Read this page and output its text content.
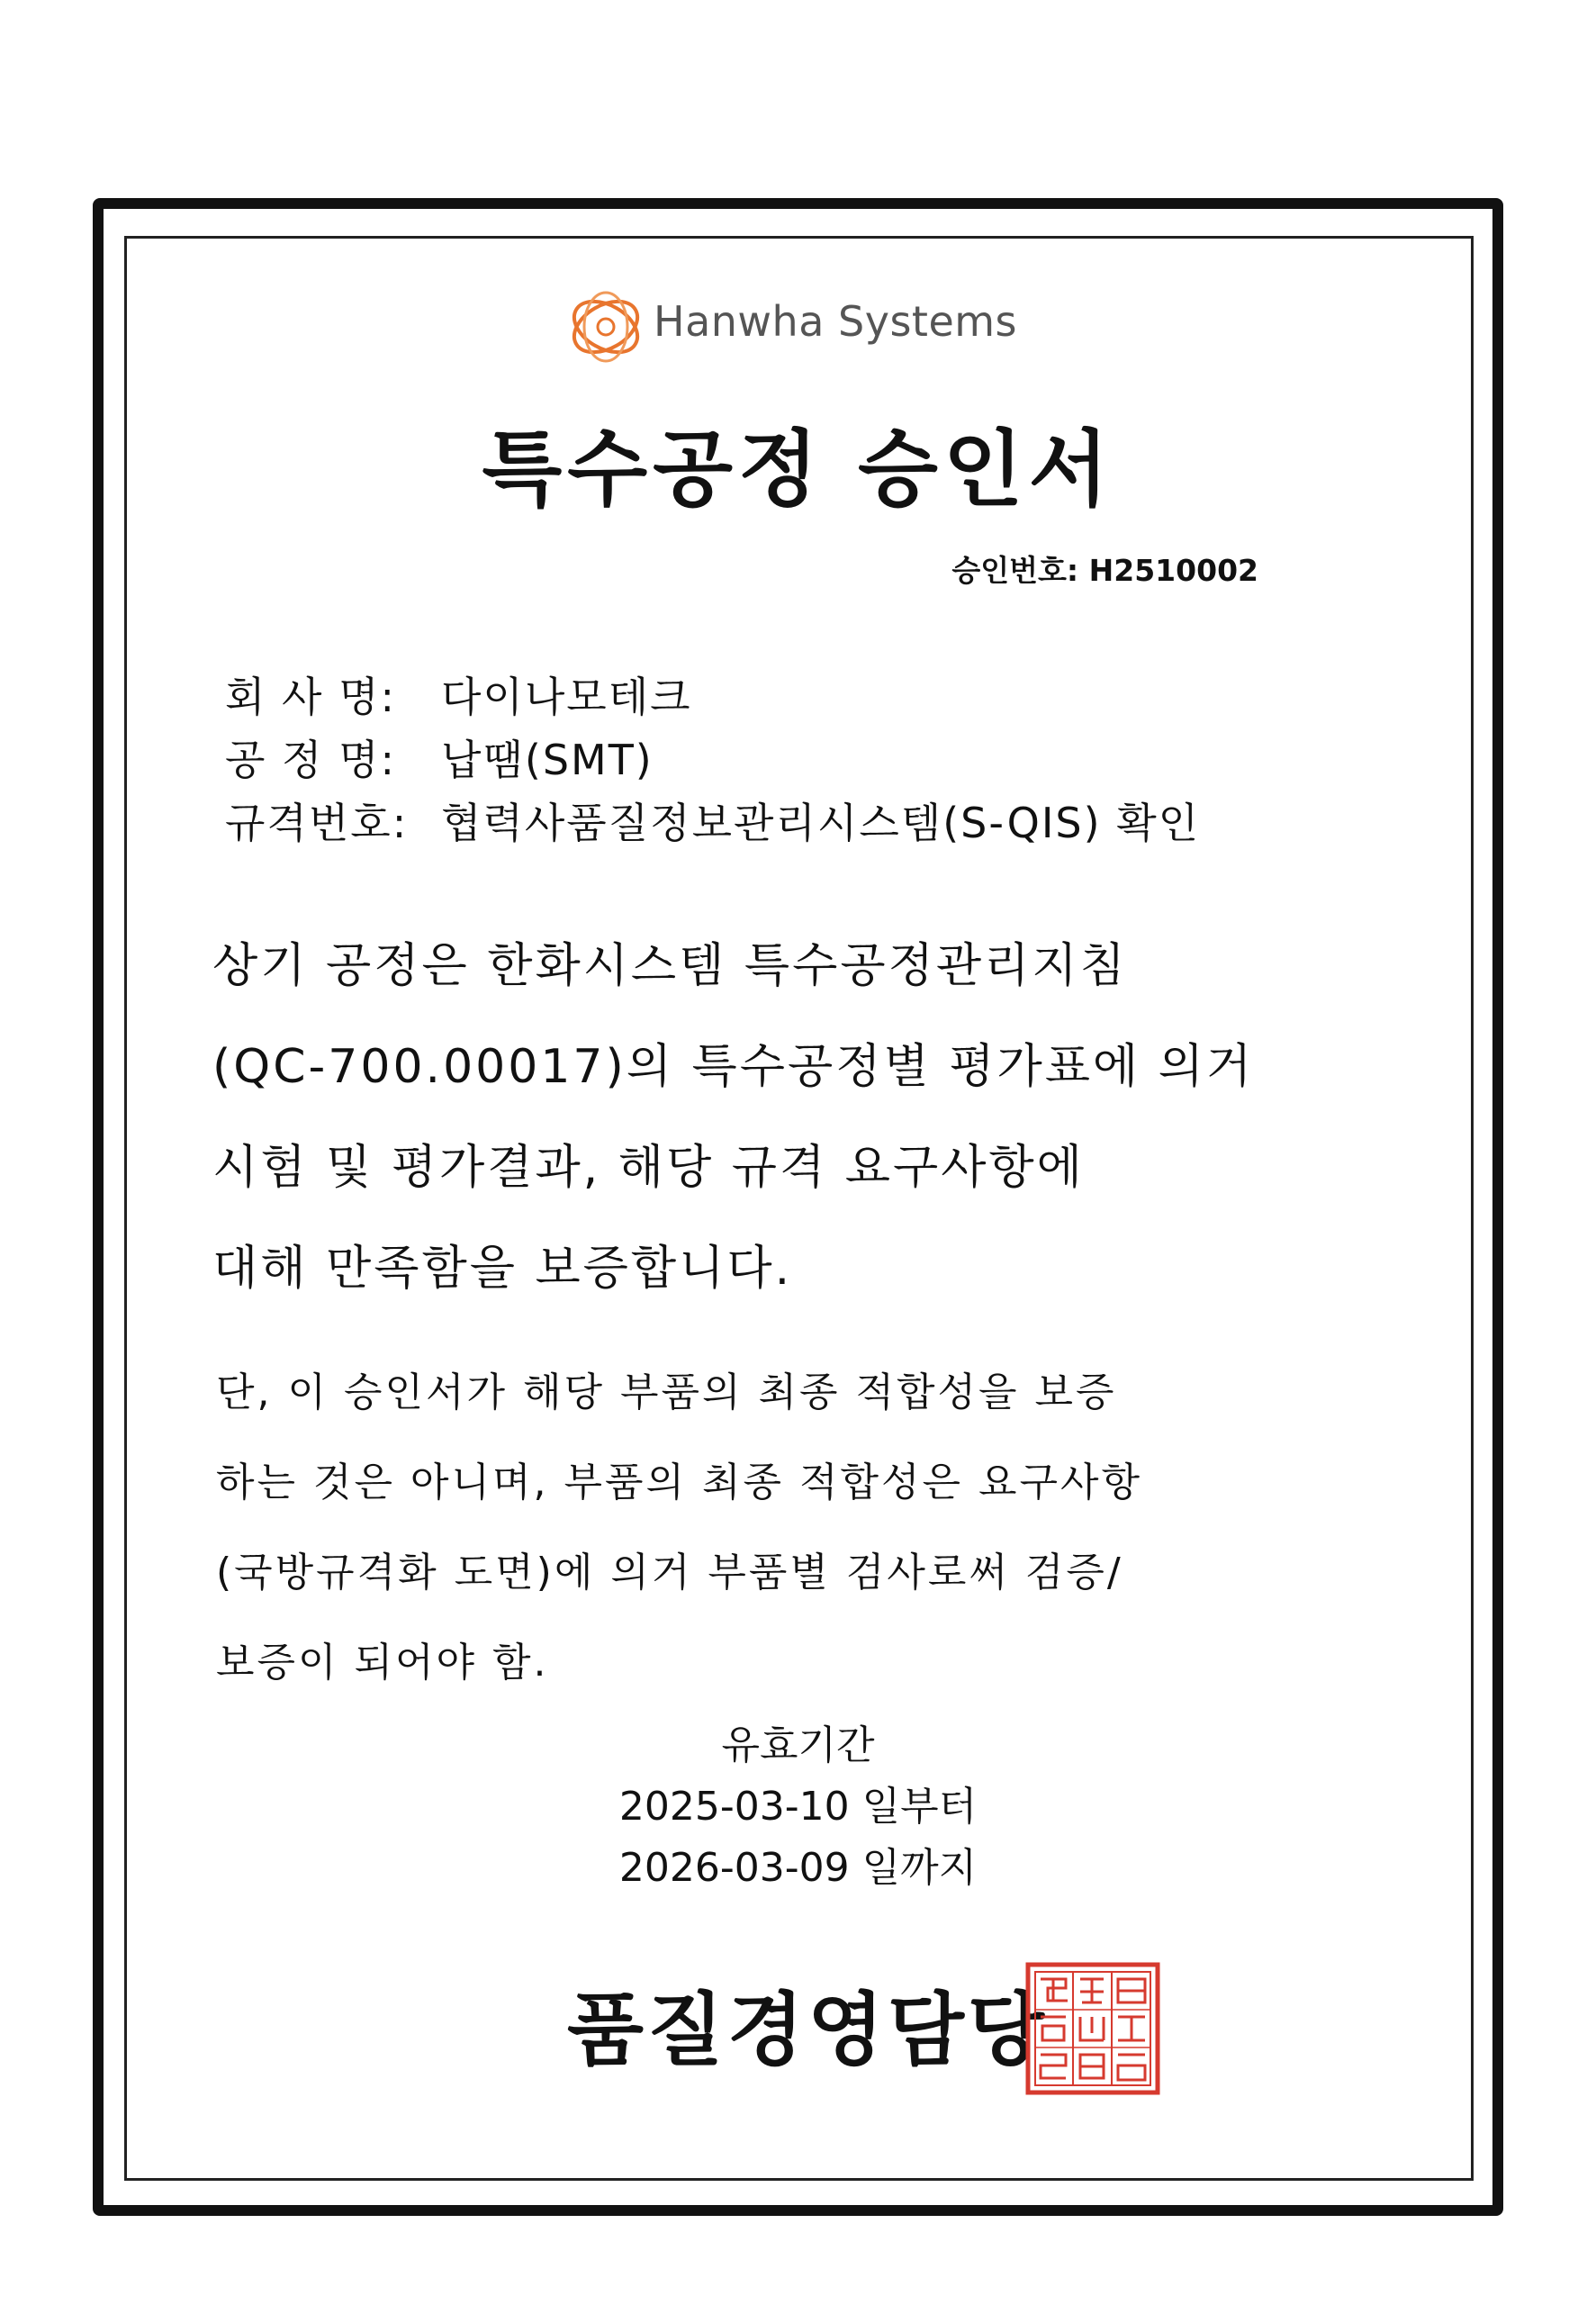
Hanwha Systems
특수공정 승인서
승인번호: H2510002
회 사 명:	다이나모테크
공 정 명:	납땜(SMT)
규격번호: 협력사품질정보관리시스템(S-QIS) 확인
상기 공정은 한화시스템 특수공정관리지침
(QC-700.00017)의 특수공정별 평가표에 의거
시험 및 평가결과, 해당 규격 요구사항에
대해 만족함을 보증합니다.
단, 이 승인서가 해당 부품의 최종 적합성을 보증
하는 것은 아니며, 부품의 최종 적합성은 요구사항
(국방규격화 도면)에 의거 부품별 검사로써 검증/
보증이 되어야 함.
유효기간
2025-03-10 일부터
2026-03-09 일까지
품질경영담당
